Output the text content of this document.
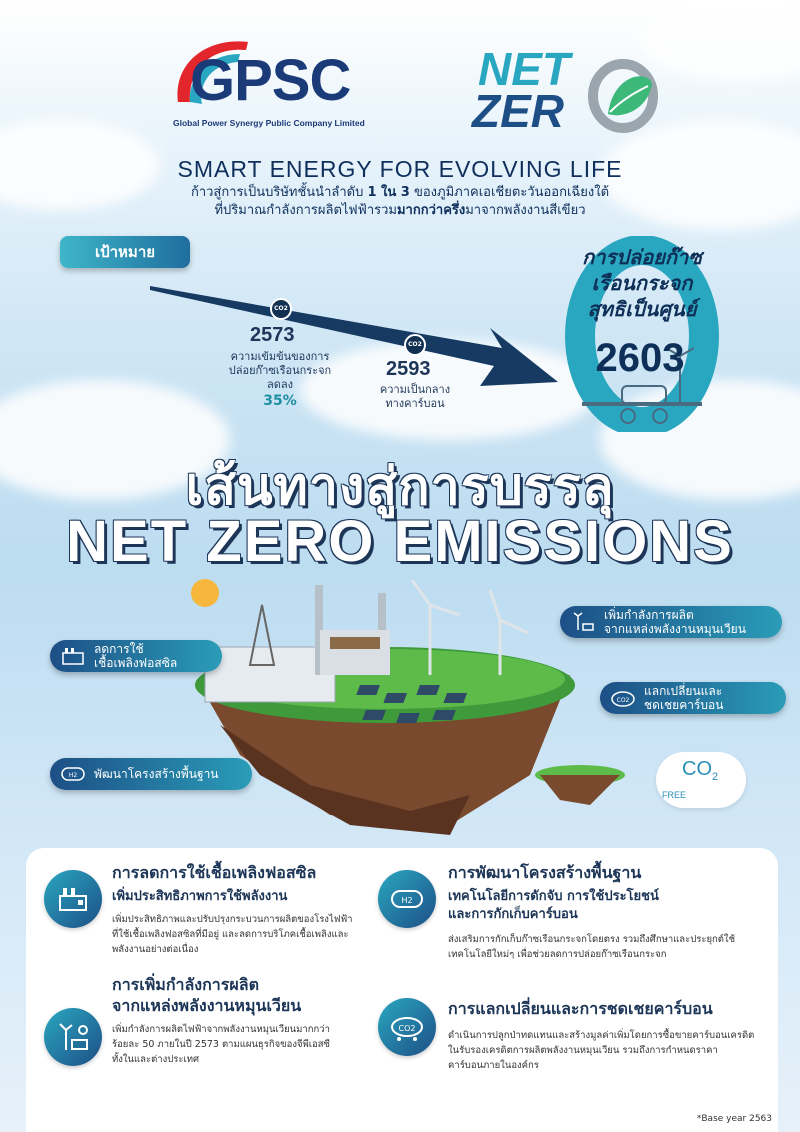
GPSC
Global Power Synergy Public Company Limited
NET
ZER
SMART ENERGY FOR EVOLVING LIFE
ก้าวสู่การเป็นบริษัทชั้นนำลำดับ 1 ใน 3 ของภูมิภาคเอเชียตะวันออกเฉียงใต้
ที่ปริมาณกำลังการผลิตไฟฟ้ารวมมากกว่าครึ่งมาจากพลังงานสีเขียว
เป้าหมาย
CO2
2573
ความเข้มข้นของการ
ปล่อยก๊าซเรือนกระจก
ลดลง
35%
CO2
2593
ความเป็นกลาง
ทางคาร์บอน
การปล่อยก๊าซ
เรือนกระจก
สุทธิเป็นศูนย์
2603
เส้นทางสู่การบรรลุ
NET ZERO EMISSIONS
ลดการใช้
เชื้อเพลิงฟอสซิล
เพิ่มกำลังการผลิต
จากแหล่งพลังงานหมุนเวียน
CO2
แลกเปลี่ยนและ
ชดเชยคาร์บอน
H2 พัฒนาโครงสร้างพื้นฐาน	$CO_2$
FREE
การลดการใช้เชื้อเพลิงฟอสซิล
เพิ่มประสิทธิภาพการใช้พลังงาน
เพิ่มประสิทธิภาพและปรับปรุงกระบวนการผลิตของโรงไฟฟ้า
ที่ใช้เชื้อเพลิงฟอสซิลที่มีอยู่ และลดการบริโภคเชื้อเพลิงและ
พลังงานอย่างต่อเนื่อง
H2
การพัฒนาโครงสร้างพื้นฐาน
เทคโนโลยีการดักจับ การใช้ประโยชน์
และการกักเก็บคาร์บอน
ส่งเสริมการกักเก็บก๊าซเรือนกระจกโดยตรง รวมถึงศึกษาและประยุกต์ใช้
เทคโนโลยีใหม่ๆ เพื่อช่วยลดการปล่อยก๊าซเรือนกระจก
การเพิ่มกำลังการผลิต
จากแหล่งพลังงานหมุนเวียน
เพิ่มกำลังการผลิตไฟฟ้าจากพลังงานหมุนเวียนมากกว่า
ร้อยละ 50 ภายในปี 2573 ตามแผนธุรกิจของจีพีเอสซี
ทั้งในและต่างประเทศ
CO2
การแลกเปลี่ยนและการชดเชยคาร์บอน
ดำเนินการปลูกป่าทดแทนและสร้างมูลค่าเพิ่มโดยการซื้อขายคาร์บอนเครดิต
ในรับรองเครดิตการผลิตพลังงานหมุนเวียน รวมถึงการกำหนดราคา
คาร์บอนภายในองค์กร
*Base year 2563
